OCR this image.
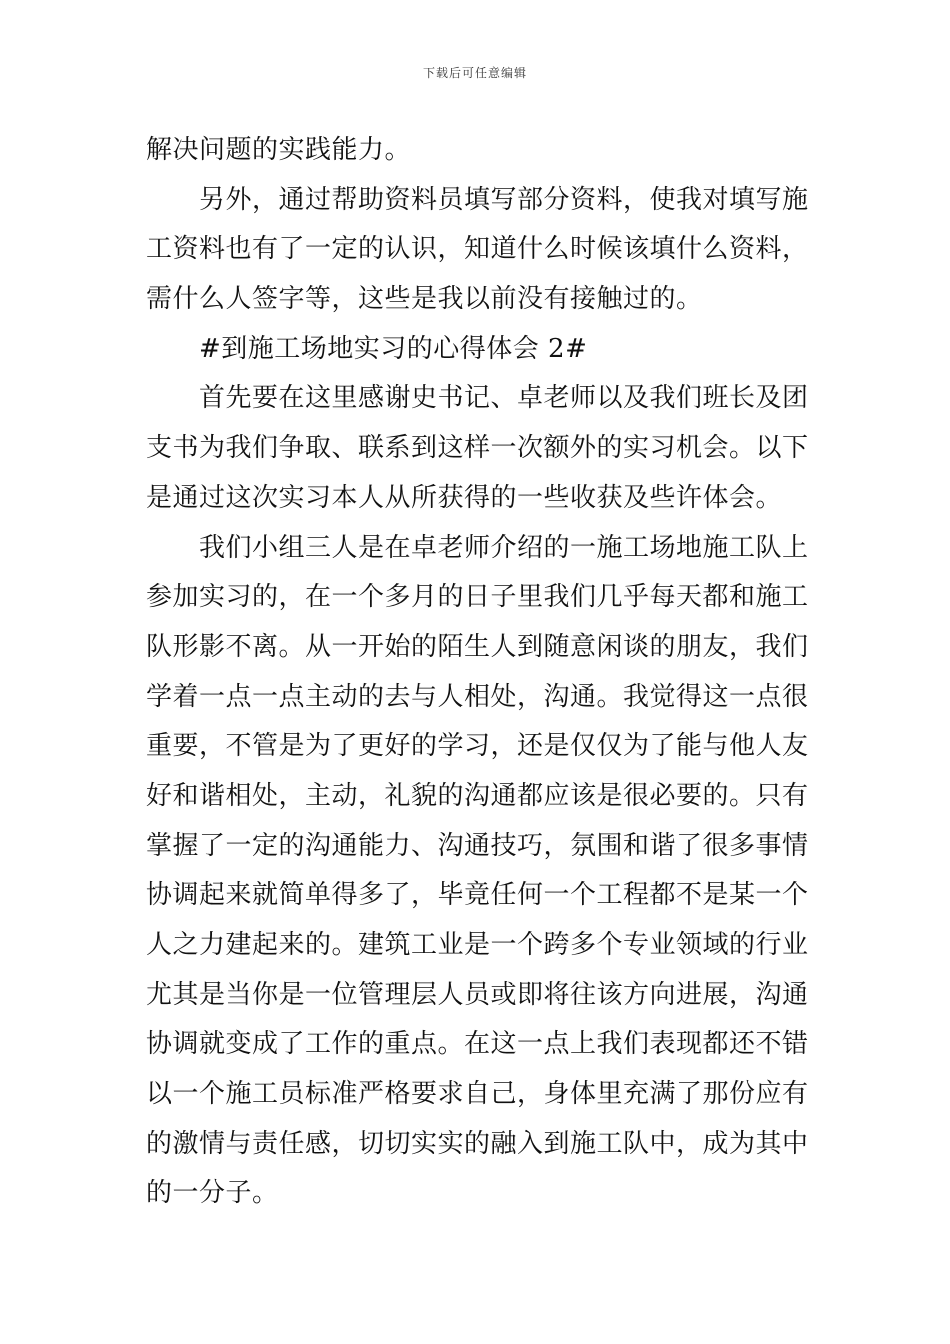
下载后可任意编辑
解决问题的实践能力。
另外，通过帮助资料员填写部分资料，使我对填写施
工资料也有了一定的认识，知道什么时候该填什么资料，
需什么人签字等，这些是我以前没有接触过的。
#到施工场地实习的心得体会 2#
首先要在这里感谢史书记、卓老师以及我们班长及团
支书为我们争取、联系到这样一次额外的实习机会。以下
是通过这次实习本人从所获得的一些收获及些许体会。
我们小组三人是在卓老师介绍的一施工场地施工队上
参加实习的，在一个多月的日子里我们几乎每天都和施工
队形影不离。从一开始的陌生人到随意闲谈的朋友，我们
学着一点一点主动的去与人相处，沟通。我觉得这一点很
重要，不管是为了更好的学习，还是仅仅为了能与他人友
好和谐相处，主动，礼貌的沟通都应该是很必要的。只有
掌握了一定的沟通能力、沟通技巧，氛围和谐了很多事情
协调起来就简单得多了，毕竟任何一个工程都不是某一个
人之力建起来的。建筑工业是一个跨多个专业领域的行业
尤其是当你是一位管理层人员或即将往该方向进展，沟通
协调就变成了工作的重点。在这一点上我们表现都还不错
以一个施工员标准严格要求自己，身体里充满了那份应有
的激情与责任感，切切实实的融入到施工队中，成为其中
的一分子。
